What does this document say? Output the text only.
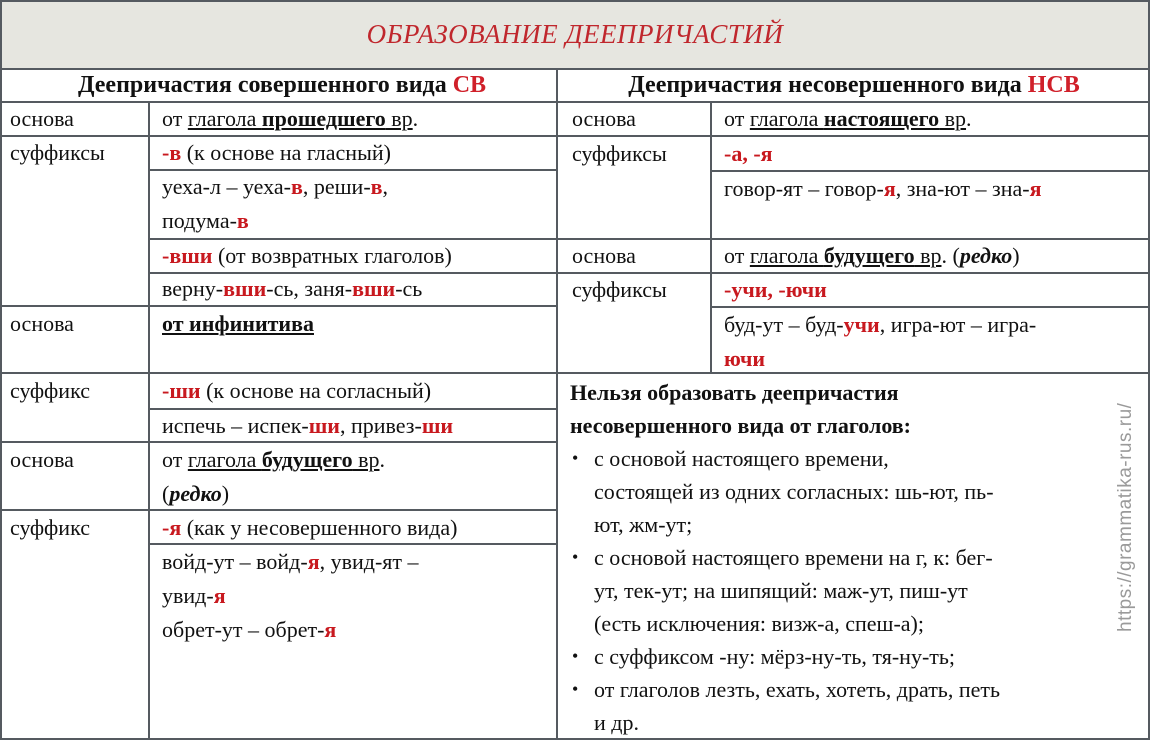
ОБРАЗОВАНИЕ ДЕЕПРИЧАСТИЙ
Деепричастия совершенного вида СВ	Деепричастия несовершенного вида НСВ
основа	от глагола прошедшего вр.
суффиксы	-в (к основе на гласный)
уеха-л – уеха-в, реши-в,
подума-в
-вши (от возвратных глаголов)
верну-вши-сь, заня-вши-сь
основа	от инфинитива
суффикс	-ши (к основе на согласный)
испечь – испек-ши, привез-ши
основа	от глагола будущего вр.
(редко)
суффикс	-я (как у несовершенного вида)
войд-ут – войд-я, увид-ят –
увид-я
обрет-ут – обрет-я
основа	от глагола настоящего вр.
суффиксы	-а, -я
говор-ят – говор-я, зна-ют – зна-я
основа	от глагола будущего вр. (редко)
суффиксы	-учи, -ючи
буд-ут – буд-учи, игра-ют – игра-
ючи
Нельзя образовать деепричастия
несовершенного вида от глаголов:
• с основой настоящего времени,
состоящей из одних согласных: шь-ют, пь-
ют, жм-ут;
• с основой настоящего времени на г, к: бег-
ут, тек-ут; на шипящий: маж-ут, пиш-ут
(есть исключения: визж-а, спеш-а);
• с суффиксом -ну: мёрз-ну-ть, тя-ну-ть;
• от глаголов лезть, ехать, хотеть, драть, петь
и др.
https://grammatika-rus.ru/
